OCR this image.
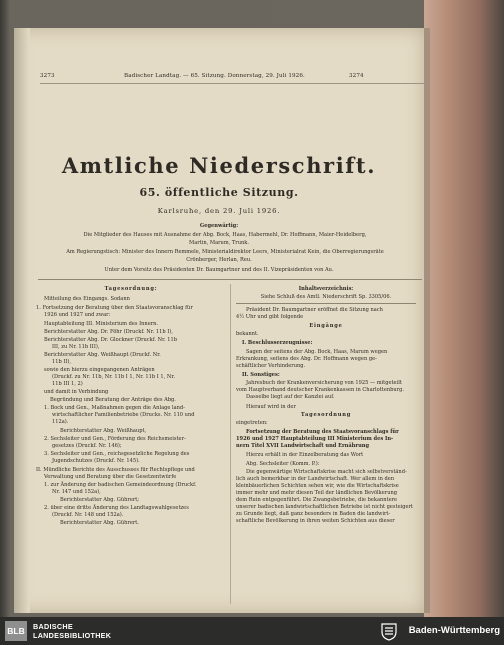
3273	Badischer Landtag. — 65. Sitzung. Donnerstag, 29. Juli 1926.	3274
Amtliche Niederschrift.
65. öffentliche Sitzung.
Karlsruhe, den 29. Juli 1926.
Gegenwärtig:
Die Mitglieder des Hauses mit Ausnahme der Abg. Bock, Haas, Habermehl, Dr. Hoffmann, Maier-Heidelberg,
Martin, Marum, Trunk.
Am Regierungstisch: Minister des Innern Remmele, Ministerialdirektor Leers, Ministerialrat Kein, die Oberregierungsräte
Crönberger, Herlan, Reu.
Unter dem Vorsitz des Präsidenten Dr. Baumgartner und des II. Vizepräsidenten von Au.
Tagesordnung:
Mitteilung des Eingangs. Sodann
1. Fortsetzung der Beratung über den Staatsvoranschlag für
1926 und 1927 und zwar:
Hauptabteilung III. Ministerium des Innern.
Berichterstatter Abg. Dr. Föhr (Druckf. Nr. 11b I),
Berichterstatter Abg. Dr. Glockner (Druckf. Nr. 11b
III, zu Nr. 11b III),
Berichterstatter Abg. Weißhaupt (Druckf. Nr.
11b II),
sowie den hierzu eingegangenen Anträgen
(Druckf. zu Nr. 11b, Nr. 11b I 1, Nr. 11b I 1, Nr.
11b III 1, 2)
und damit in Verbindung
Begründung und Beratung der Anträge des Abg.
1. Bock und Gen., Maßnahmen gegen die Anlage land-
wirtschaftlicher Familienbetriebe (Drucks. Nr. 110 und
112a).
Berichterstatter Abg. Weißhaupt,
2. Sechsleiter und Gen., Förderung des Reichsmeister-
gesetzes (Druckf. Nr. 146);
3. Sechsleiter und Gen., reichsgesetzliche Regelung des
Jugendschutzes (Druckf. Nr. 145).
II. Mündliche Berichte des Ausschusses für Rechtspflege und
Verwaltung und Beratung über die Gesetzentwürfe
1. zur Änderung der badischen Gemeindeordnung (Druckf.
Nr. 147 und 152a),
Berichterstatter Abg. Gührert;
2. über eine dritte Änderung des Landtagswahlgesetzes
(Druckf. Nr. 148 und 152a).
Berichterstatter Abg. Gührert.
Inhaltsverzeichnis:
Siehe Schluß des Amtl. Niederschrift Sp. 3305/06.
Präsident Dr. Baumgartner eröffnet die Sitzung nach
4½ Uhr und gibt folgende
Eingänge
bekannt.
I. Beschlusserzeugnisse:
Sagen der seitens der Abg. Bock, Haas, Marum wegen
Erkrankung, seitens des Abg. Dr. Hoffmann wegen ge-
schäftlicher Verhinderung.
II. Sonstiges:
Jahresbuch der Krankenversicherung von 1925 — mitgeteilt
vom Hauptverband deutscher Krankenkassen in Charlottenburg.
Dasselbe liegt auf der Kanzlei auf.
Hierauf wird in der
Tagesordnung
eingetreten:
Fortsetzung der Beratung des Staatsvoranschlags für
1926 und 1927 Hauptabteilung III Ministerium des In-
nern Titel XVII Landwirtschaft und Ernährung
Hierzu erhält in der Einzelberatung das Wort
Abg. Sechsleiter (Komm. P.):
Die gegenwärtige Wirtschaftskrise macht sich selbstverständ-
lich auch bemerkbar in der Landwirtschaft. Wer allem in den
kleinbäuerlichen Schichten sehen wir, wie die Wirtschaftskrise
immer mehr und mehr diesen Teil der ländlichen Bevölkerung
dem Ruin entgegenführt. Die Zwangsbetriebe, die bekanntere
unserer badischen landwirtschaftlichen Betriebe ist nicht gesteigert
zu Grunde liegt, daß ganz besonders in Baden die landwirt-
schaftliche Bevölkerung in ihren weiten Schichten aus dieser
BLB	BADISCHE
LANDESBIBLIOTHEK	Baden-Württemberg
